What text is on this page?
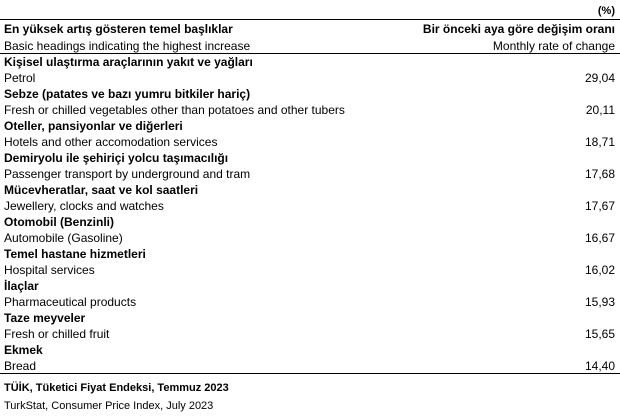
(%)
En yüksek artış gösteren temel başlıklar	Bir önceki aya göre değişim oranı
Basic headings indicating the highest increase	Monthly rate of change
Kişisel ulaştırma araçlarının yakıt ve yağları
Petrol	29,04
Sebze (patates ve bazı yumru bitkiler hariç)
Fresh or chilled vegetables other than potatoes and other tubers	20,11
Oteller, pansiyonlar ve diğerleri
Hotels and other accomodation services	18,71
Demiryolu ile şehiriçi yolcu taşımacılığı
Passenger transport by underground and tram	17,68
Mücevheratlar, saat ve kol saatleri
Jewellery, clocks and watches	17,67
Otomobil (Benzinli)
Automobile (Gasoline)	16,67
Temel hastane hizmetleri
Hospital services	16,02
İlaçlar
Pharmaceutical products	15,93
Taze meyveler
Fresh or chilled fruit	15,65
Ekmek
Bread	14,40
TÜİK, Tüketici Fiyat Endeksi, Temmuz 2023
TurkStat, Consumer Price Index, July 2023
